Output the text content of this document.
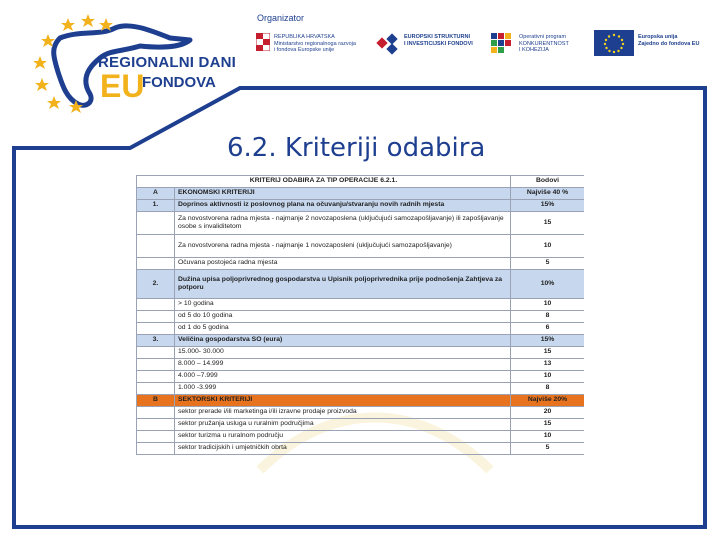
REGIONALNI DANI
EU
FONDOVA
Organizator
REPUBLIKA HRVATSKA
Ministarstvo regionalnoga razvoja
i fondova Europske unije
EUROPSKI STRUKTURNI
I INVESTICIJSKI FONDOVI
Operativni program
KONKURENTNOST
I KOHEZIJA
Europska unija
Zajedno do fondova EU
6.2. Kriteriji odabira
KRITERIJ ODABIRA ZA TIP OPERACIJE 6.2.1.		Bodovi
A	EKONOMSKI KRITERIJI	Najviše 40 %
1.	Doprinos aktivnosti iz poslovnog plana na očuvanju/stvaranju novih radnih mjesta	15%
	Za novostvorena radna mjesta - najmanje 2 novozaposlena (uključujući samozapošljavanje) ili zapošljavanje osobe s invaliditetom	15
	Za novostvorena radna mjesta - najmanje 1 novozaposleni (uključujući samozapošljavanje)	10
	Očuvana postojeća radna mjesta	5
2.	Dužina upisa poljoprivrednog gospodarstva u Upisnik poljoprivrednika prije podnošenja Zahtjeva za potporu	10%
	> 10 godina	10
	od 5 do 10 godina	8
	od 1 do 5 godina	6
3.	Veličina gospodarstva SO (eura)	15%
	15.000- 30.000	15
	8.000 – 14.999	13
	4.000 –7.999	10
	1.000 -3.999	8
B	SEKTORSKI KRITERIJI	Najviše 20%
	sektor prerade i/ili marketinga i/ili izravne prodaje proizvoda	20
	sektor pružanja usluga u ruralnim područjima	15
	sektor turizma u ruralnom području	10
	sektor tradicijskih i umjetničkih obrta	5
